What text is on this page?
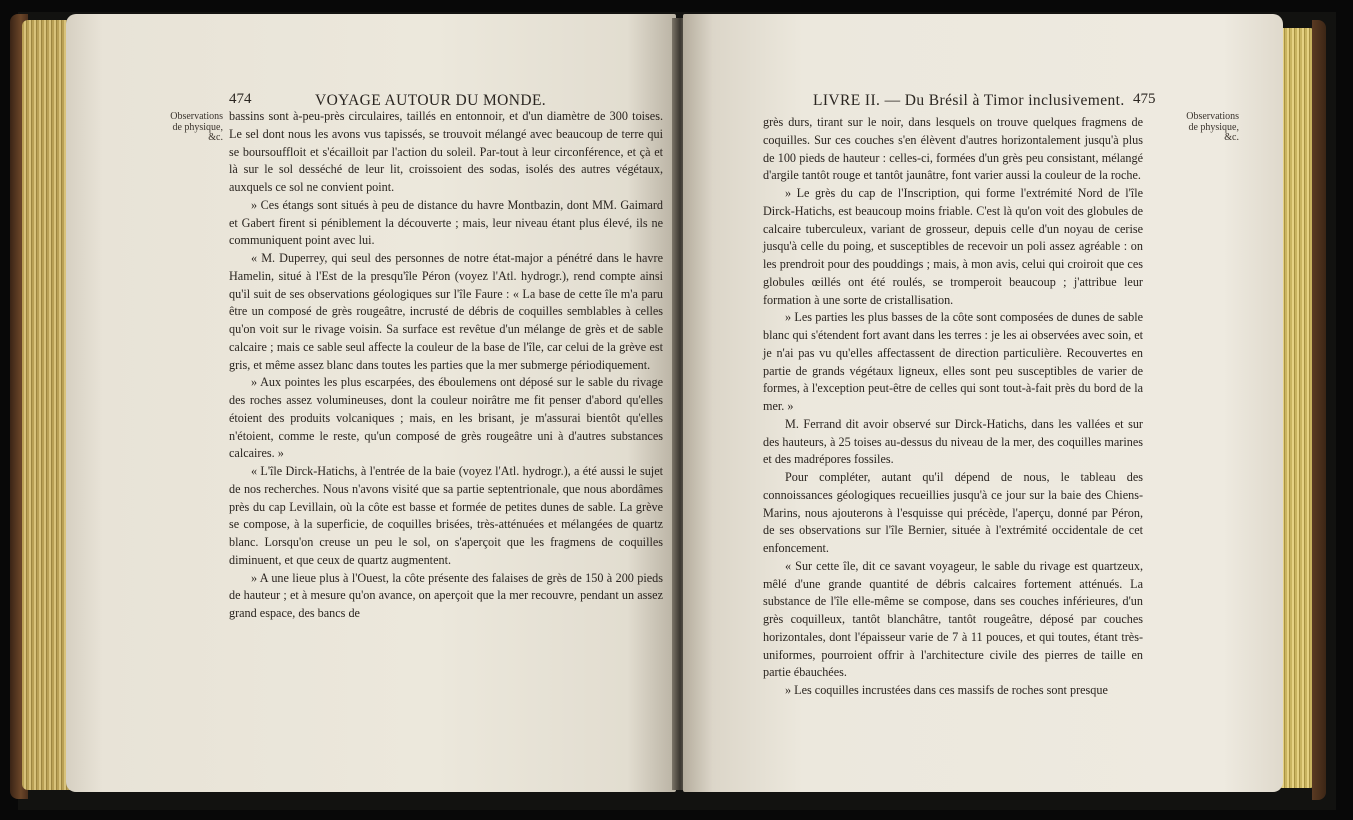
474	VOYAGE AUTOUR DU MONDE.
Observations
de physique,
&c.

bassins sont à-peu-près circulaires, taillés en entonnoir, et d'un diamètre de 300 toises. Le sel dont nous les avons vus tapissés, se trouvoit mélangé avec beaucoup de terre qui se boursouffloit et s'écailloit par l'action du soleil. Par-tout à leur circonférence, et çà et là sur le sol desséché de leur lit, croissoient des sodas, isolés des autres végétaux, auxquels ce sol ne convient point.

» Ces étangs sont situés à peu de distance du havre Montbazin, dont MM. Gaimard et Gabert firent si péniblement la découverte ; mais, leur niveau étant plus élevé, ils ne communiquent point avec lui.

« M. Duperrey, qui seul des personnes de notre état-major a pénétré dans le havre Hamelin, situé à l'Est de la presqu'île Péron (voyez l'Atl. hydrogr.), rend compte ainsi qu'il suit de ses observations géologiques sur l'île Faure : « La base de cette île m'a paru être un composé de grès rougeâtre, incrusté de débris de coquilles semblables à celles qu'on voit sur le rivage voisin. Sa surface est revêtue d'un mélange de grès et de sable calcaire ; mais ce sable seul affecte la couleur de la base de l'île, car celui de la grève est gris, et même assez blanc dans toutes les parties que la mer submerge périodiquement.

» Aux pointes les plus escarpées, des éboulemens ont déposé sur le sable du rivage des roches assez volumineuses, dont la couleur noirâtre me fit penser d'abord qu'elles étoient des produits volcaniques ; mais, en les brisant, je m'assurai bientôt qu'elles n'étoient, comme le reste, qu'un composé de grès rougeâtre uni à d'autres substances calcaires. »

« L'île Dirck-Hatichs, à l'entrée de la baie (voyez l'Atl. hydrogr.), a été aussi le sujet de nos recherches. Nous n'avons visité que sa partie septentrionale, que nous abordâmes près du cap Levillain, où la côte est basse et formée de petites dunes de sable. La grève se compose, à la superficie, de coquilles brisées, très-atténuées et mélangées de quartz blanc. Lorsqu'on creuse un peu le sol, on s'aperçoit que les fragmens de coquilles diminuent, et que ceux de quartz augmentent.

» A une lieue plus à l'Ouest, la côte présente des falaises de grès de 150 à 200 pieds de hauteur ; et à mesure qu'on avance, on aperçoit que la mer recouvre, pendant un assez grand espace, des bancs de

LIVRE II. — Du Brésil à Timor inclusivement. 475
Observations
de physique,
&c.

grès durs, tirant sur le noir, dans lesquels on trouve quelques fragmens de coquilles. Sur ces couches s'en élèvent d'autres horizontalement jusqu'à plus de 100 pieds de hauteur : celles-ci, formées d'un grès peu consistant, mélangé d'argile tantôt rouge et tantôt jaunâtre, font varier aussi la couleur de la roche.

» Le grès du cap de l'Inscription, qui forme l'extrémité Nord de l'île Dirck-Hatichs, est beaucoup moins friable. C'est là qu'on voit des globules de calcaire tuberculeux, variant de grosseur, depuis celle d'un noyau de cerise jusqu'à celle du poing, et susceptibles de recevoir un poli assez agréable : on les prendroit pour des pouddings ; mais, à mon avis, celui qui croiroit que ces globules œillés ont été roulés, se tromperoit beaucoup ; j'attribue leur formation à une sorte de cristallisation.

» Les parties les plus basses de la côte sont composées de dunes de sable blanc qui s'étendent fort avant dans les terres : je les ai observées avec soin, et je n'ai pas vu qu'elles affectassent de direction particulière. Recouvertes en partie de grands végétaux ligneux, elles sont peu susceptibles de varier de formes, à l'exception peut-être de celles qui sont tout-à-fait près du bord de la mer. »

M. Ferrand dit avoir observé sur Dirck-Hatichs, dans les vallées et sur des hauteurs, à 25 toises au-dessus du niveau de la mer, des coquilles marines et des madrépores fossiles.

Pour compléter, autant qu'il dépend de nous, le tableau des connoissances géologiques recueillies jusqu'à ce jour sur la baie des Chiens-Marins, nous ajouterons à l'esquisse qui précède, l'aperçu, donné par Péron, de ses observations sur l'île Bernier, située à l'extrémité occidentale de cet enfoncement.

« Sur cette île, dit ce savant voyageur, le sable du rivage est quartzeux, mêlé d'une grande quantité de débris calcaires fortement atténués. La substance de l'île elle-même se compose, dans ses couches inférieures, d'un grès coquilleux, tantôt blanchâtre, tantôt rougeâtre, déposé par couches horizontales, dont l'épaisseur varie de 7 à 11 pouces, et qui toutes, étant très-uniformes, pourroient offrir à l'architecture civile des pierres de taille en partie ébauchées.

» Les coquilles incrustées dans ces massifs de roches sont presque
